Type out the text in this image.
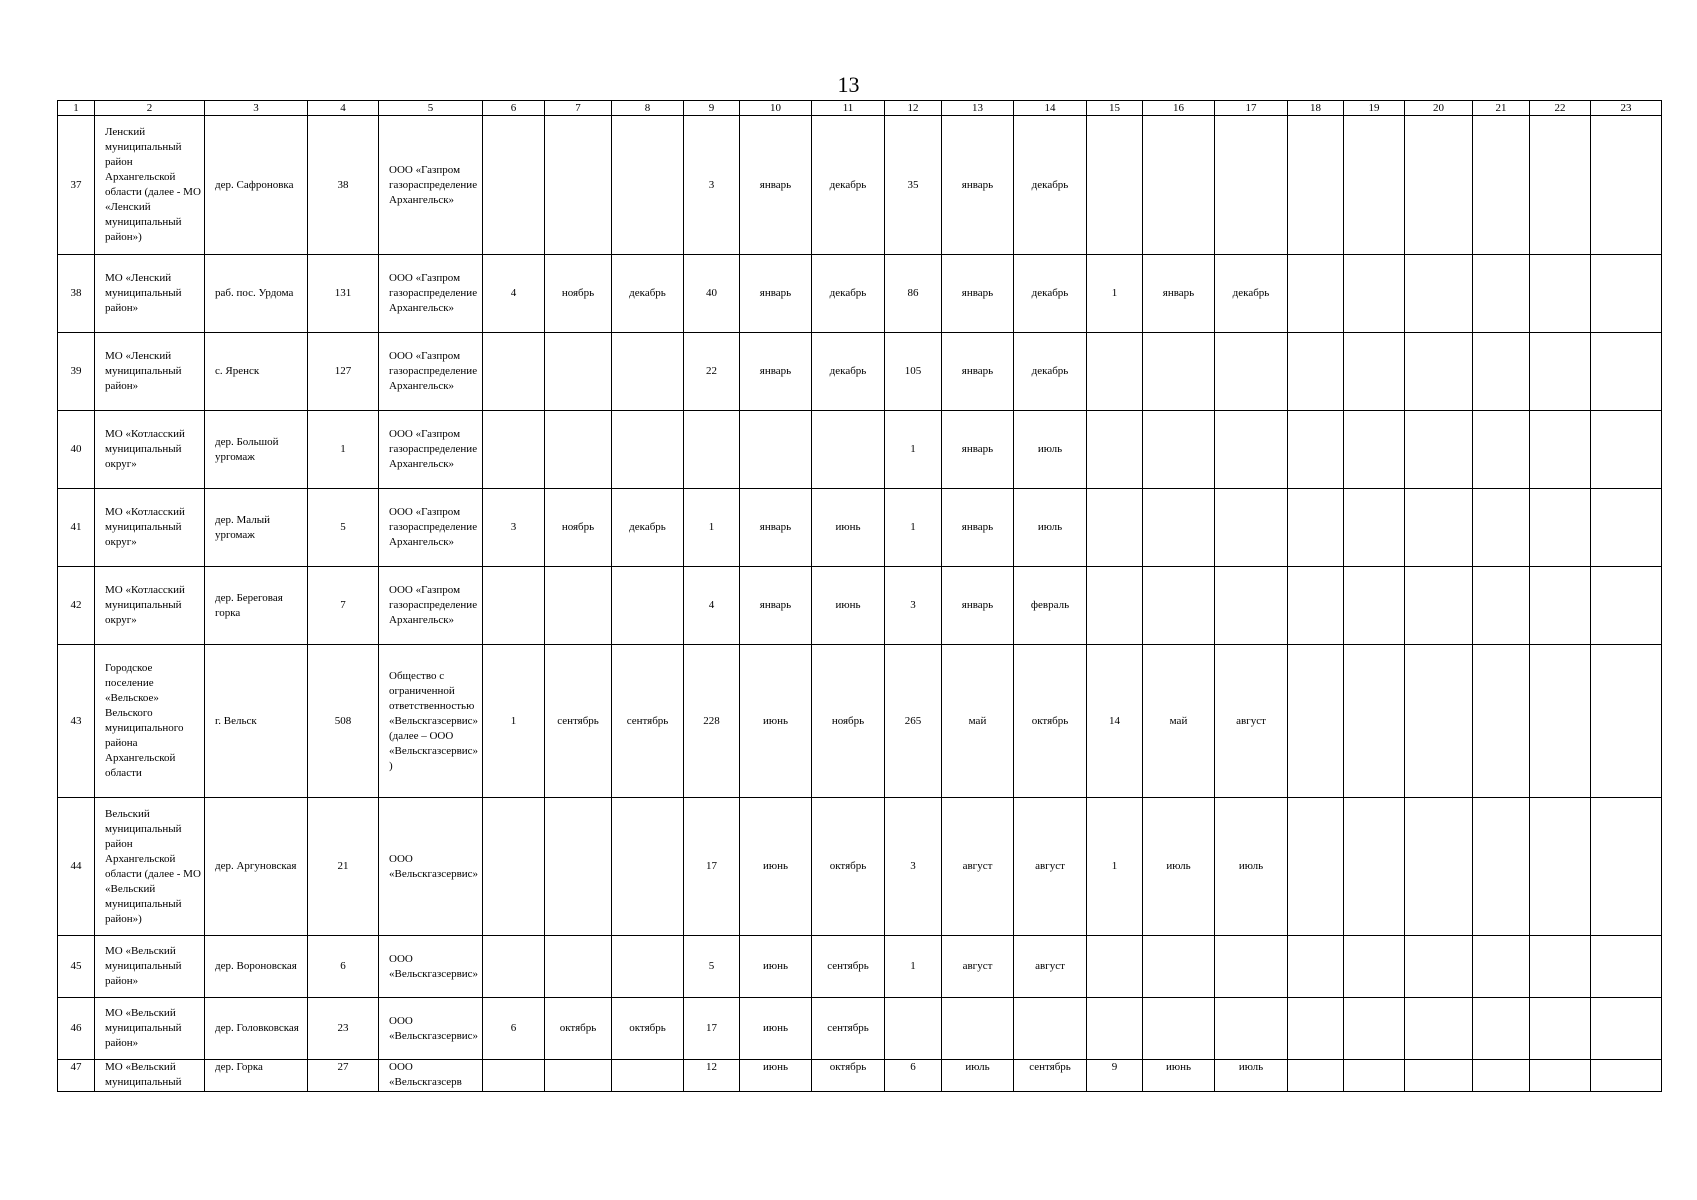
13
1	2	3	4	5	6	7	8	9	10	11	12	13	14	15	16	17	18	19	20	21	22	23
37	Ленский муниципальный район Архангельской области (далее - МО «Ленский муниципальный район»)	дер. Сафроновка	38	ООО «Газпром газораспределение Архангельск»				3	январь	декабрь	35	январь	декабрь									
38	МО «Ленский муниципальный район»	раб. пос. Урдома	131	ООО «Газпром газораспределение Архангельск»	4	ноябрь	декабрь	40	январь	декабрь	86	январь	декабрь	1	январь	декабрь						
39	МО «Ленский муниципальный район»	с. Яренск	127	ООО «Газпром газораспределение Архангельск»				22	январь	декабрь	105	январь	декабрь									
40	МО «Котласский муниципальный округ»	дер. Большой ургомаж	1	ООО «Газпром газораспределение Архангельск»							1	январь	июль									
41	МО «Котласский муниципальный округ»	дер. Малый ургомаж	5	ООО «Газпром газораспределение Архангельск»	3	ноябрь	декабрь	1	январь	июнь	1	январь	июль									
42	МО «Котласский муниципальный округ»	дер. Береговая горка	7	ООО «Газпром газораспределение Архангельск»				4	январь	июнь	3	январь	февраль									
43	Городское поселение «Вельское» Вельского муниципального района Архангельской области	г. Вельск	508	Общество с ограниченной ответственностью «Вельскгазсервис» (далее – ООО «Вельскгазсервис»)	1	сентябрь	сентябрь	228	июнь	ноябрь	265	май	октябрь	14	май	август						
44	Вельский муниципальный район Архангельской области (далее - МО «Вельский муниципальный район»)	дер. Аргуновская	21	ООО «Вельскгазсервис»				17	июнь	октябрь	3	август	август	1	июль	июль						
45	МО «Вельский муниципальный район»	дер. Вороновская	6	ООО «Вельскгазсервис»				5	июнь	сентябрь	1	август	август									
46	МО «Вельский муниципальный район»	дер. Головковская	23	ООО «Вельскгазсервис»	6	октябрь	октябрь	17	июнь	сентябрь												
47	МО «Вельский муниципальный	дер. Горка	27	ООО «Вельскгазсерв				12	июнь	октябрь	6	июль	сентябрь	9	июнь	июль						
